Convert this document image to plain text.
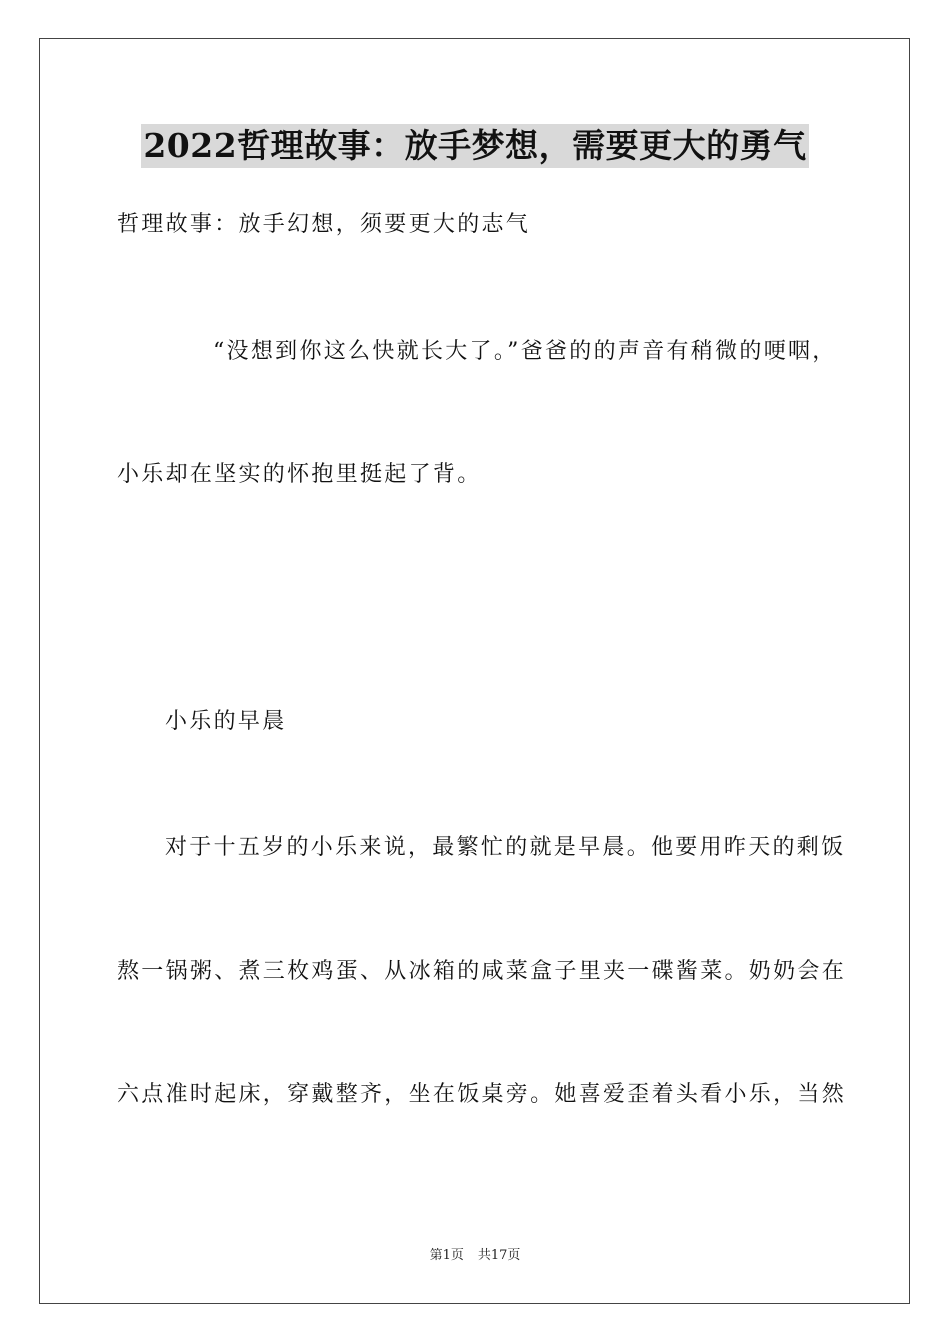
2022哲理故事：放手梦想，需要更大的勇气
哲理故事：放手幻想，须要更大的志气
“没想到你这么快就长大了。”爸爸的的声音有稍微的哽咽，
小乐却在坚实的怀抱里挺起了背。
小乐的早晨
对于十五岁的小乐来说，最繁忙的就是早晨。他要用昨天的剩饭
熬一锅粥、煮三枚鸡蛋、从冰箱的咸菜盒子里夹一碟酱菜。奶奶会在
六点准时起床，穿戴整齐，坐在饭桌旁。她喜爱歪着头看小乐，当然
第1页 共17页
